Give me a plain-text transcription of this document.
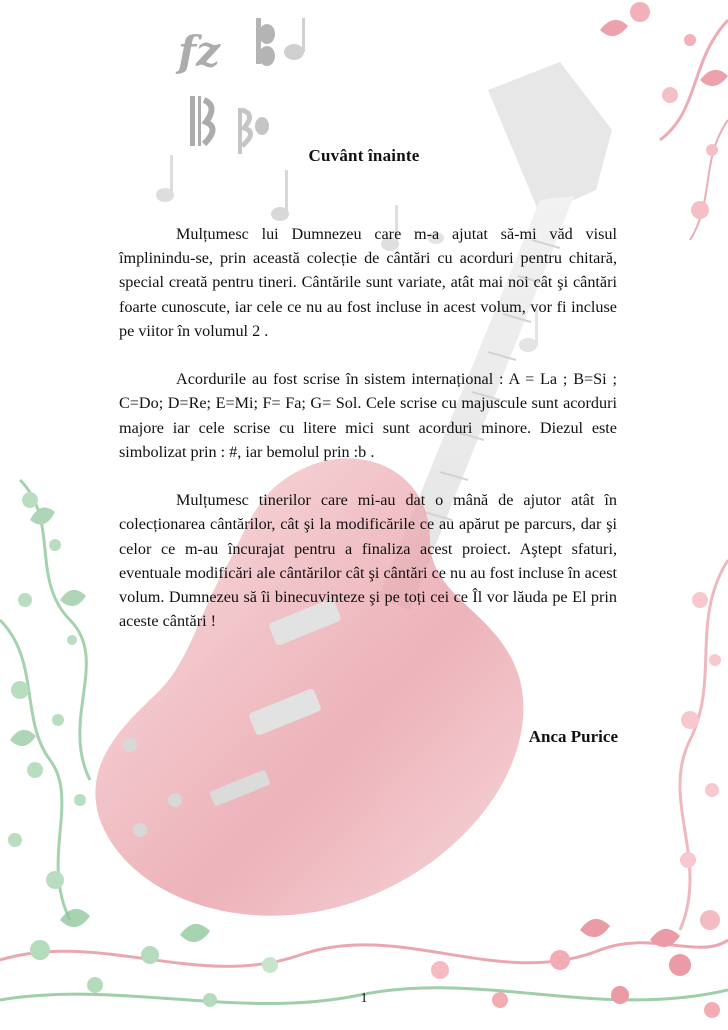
fz
Cuvânt înainte

Mulțumesc lui Dumnezeu care m-a ajutat să-mi văd visul împlinindu-se, prin această colecție de cântări cu acorduri pentru chitară, special creată pentru tineri. Cântările sunt variate, atât mai noi cât şi cântări foarte cunoscute, iar cele ce nu au fost incluse in acest volum, vor fi incluse pe viitor în volumul 2 .

Acordurile au fost scrise în sistem internațional : A = La ; B=Si ; C=Do; D=Re; E=Mi; F= Fa; G= Sol. Cele scrise cu majuscule sunt acorduri majore iar cele scrise cu litere mici sunt acorduri minore. Diezul este simbolizat prin : #, iar bemolul prin :b .

Mulțumesc tinerilor care mi-au dat o mână de ajutor atât în colecționarea cântărilor, cât şi la modificările ce au apărut pe parcurs, dar şi celor ce m-au încurajat pentru a finaliza acest proiect. Aştept sfaturi, eventuale modificări ale cântărilor cât şi cântări ce nu au fost incluse în acest volum. Dumnezeu să îi binecuvinteze şi pe toți cei ce Îl vor lăuda pe El prin aceste cântări !

Anca Purice
1
